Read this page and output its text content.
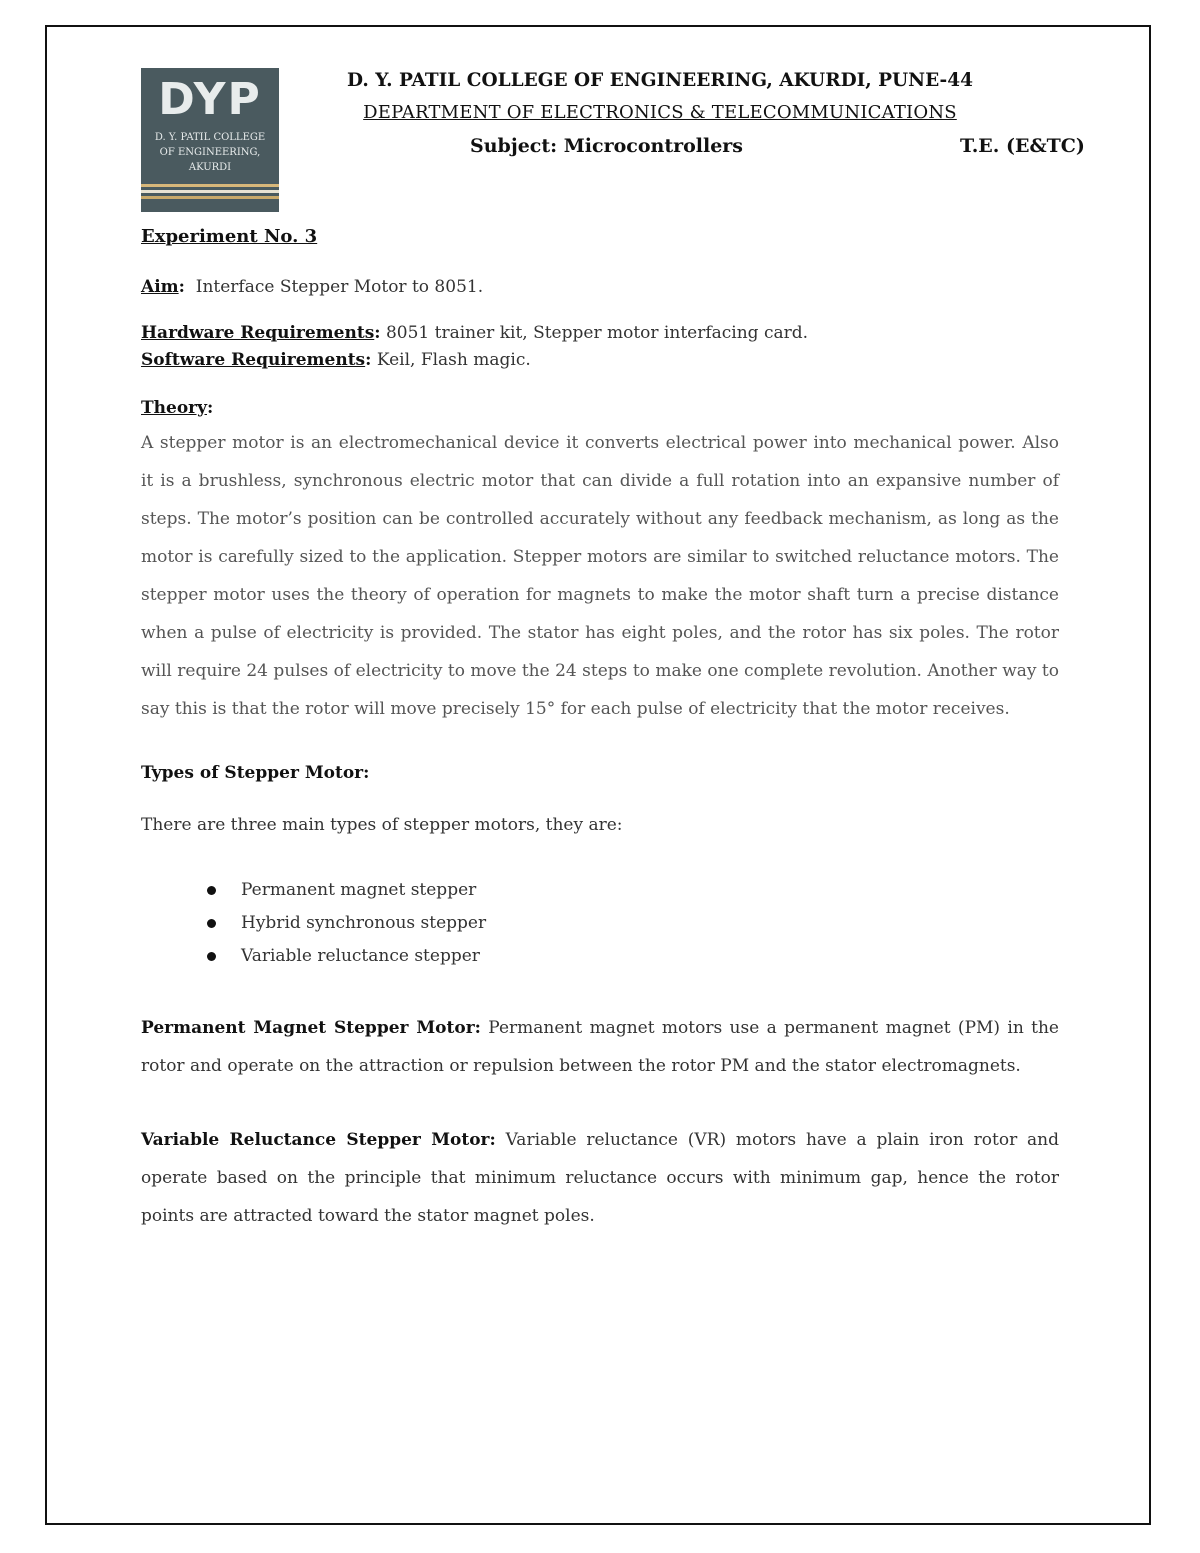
DYP
D. Y. PATIL COLLEGE
OF ENGINEERING,
AKURDI
D. Y. PATIL COLLEGE OF ENGINEERING, AKURDI, PUNE-44
DEPARTMENT OF ELECTRONICS & TELECOMMUNICATIONS
Subject: Microcontrollers	T.E. (E&TC)

Experiment No. 3

Aim: Interface Stepper Motor to 8051.

Hardware Requirements: 8051 trainer kit, Stepper motor interfacing card.

Software Requirements: Keil, Flash magic.

Theory:

A stepper motor is an electromechanical device it converts electrical power into mechanical power. Also it is a brushless, synchronous electric motor that can divide a full rotation into an expansive number of steps. The motor’s position can be controlled accurately without any feedback mechanism, as long as the motor is carefully sized to the application. Stepper motors are similar to switched reluctance motors. The stepper motor uses the theory of operation for magnets to make the motor shaft turn a precise distance when a pulse of electricity is provided. The stator has eight poles, and the rotor has six poles. The rotor will require 24 pulses of electricity to move the 24 steps to make one complete revolution. Another way to say this is that the rotor will move precisely 15° for each pulse of electricity that the motor receives.

Types of Stepper Motor:

There are three main types of stepper motors, they are:

Permanent magnet stepper
Hybrid synchronous stepper
Variable reluctance stepper

Permanent Magnet Stepper Motor: Permanent magnet motors use a permanent magnet (PM) in the rotor and operate on the attraction or repulsion between the rotor PM and the stator electromagnets.

Variable Reluctance Stepper Motor: Variable reluctance (VR) motors have a plain iron rotor and operate based on the principle that minimum reluctance occurs with minimum gap, hence the rotor points are attracted toward the stator magnet poles.
